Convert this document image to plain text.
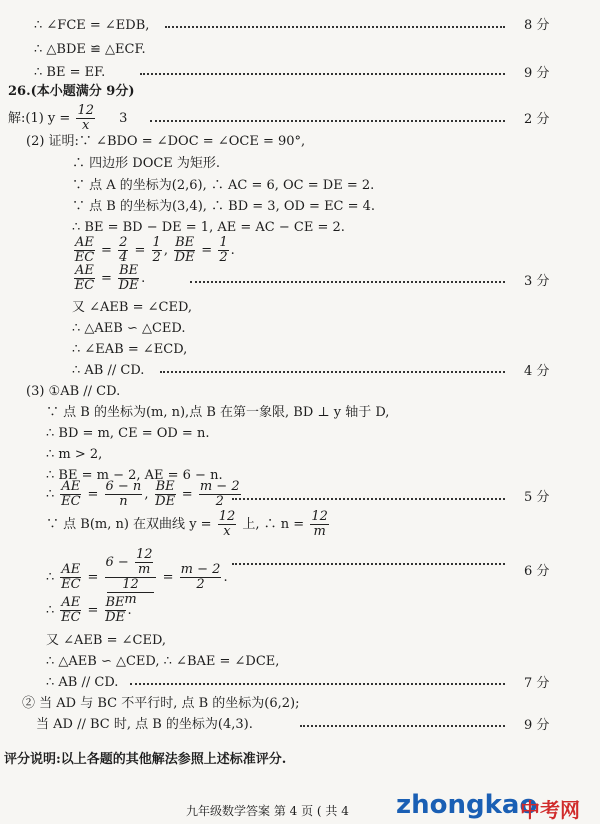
∴ ∠FCE = ∠EDB,	8 分
∴ △BDE ≌ △ECF.
∴ BE = EF.	9 分
26.(本小题满分 9分)
解:(1) $y = \frac{12}{x} 3$	2 分
(2) 证明:∵ ∠BDO = ∠DOC = ∠OCE = 90°,
∴ 四边形 DOCE 为矩形.
∵ 点 A 的坐标为(2,6), ∴ AC = 6, OC = DE = 2.
∵ 点 B 的坐标为(3,4), ∴ BD = 3, OD = EC = 4.
∴ BE = BD − DE = 1, AE = AC − CE = 2.
$\frac{AE}{EC} = \frac{2}{4} = \frac{1}{2}$ , $\frac{BE}{DE} = \frac{1}{2}$ .
$\frac{AE}{EC} = \frac{BE}{DE}$ .	3 分
又 ∠AEB = ∠CED,
∴ △AEB ∽ △CED.
∴ ∠EAB = ∠ECD,
∴ AB // CD.	4 分
(3) ①AB // CD.
∵ 点 B 的坐标为(m, n),点 B 在第一象限, BD ⊥ y 轴于 D,
∴ BD = m, CE = OD = n.
∴ m > 2,
∴ BE = m − 2, AE = 6 − n.
∴ $\frac{AE}{EC} = \frac{6 - n}{n}$ , $\frac{BE}{DE} = \frac{m - 2}{2}$	5 分
∵ 点 B(m, n) 在双曲线 $y = \frac{12}{x}$ 上, ∴ $n = \frac{12}{m}$
∴ $\frac{AE}{EC} = 6 - \frac{12}{m}$
12
$m = \frac{m - 2}{2}$ .	6 分
∴ $\frac{AE}{EC} = \frac{BE}{DE}$ .
又 ∠AEB = ∠CED,
∴ △AEB ∽ △CED, ∴ ∠BAE = ∠DCE,
∴ AB // CD.	7 分
② 当 AD 与 BC 不平行时, 点 B 的坐标为(6,2);
当 AD // BC 时, 点 B 的坐标为(4,3).	9 分
评分说明:以上各题的其他解法参照上述标准评分.
九年级数学答案 第 4 页 ( 共 4 zhongkao
中考网
